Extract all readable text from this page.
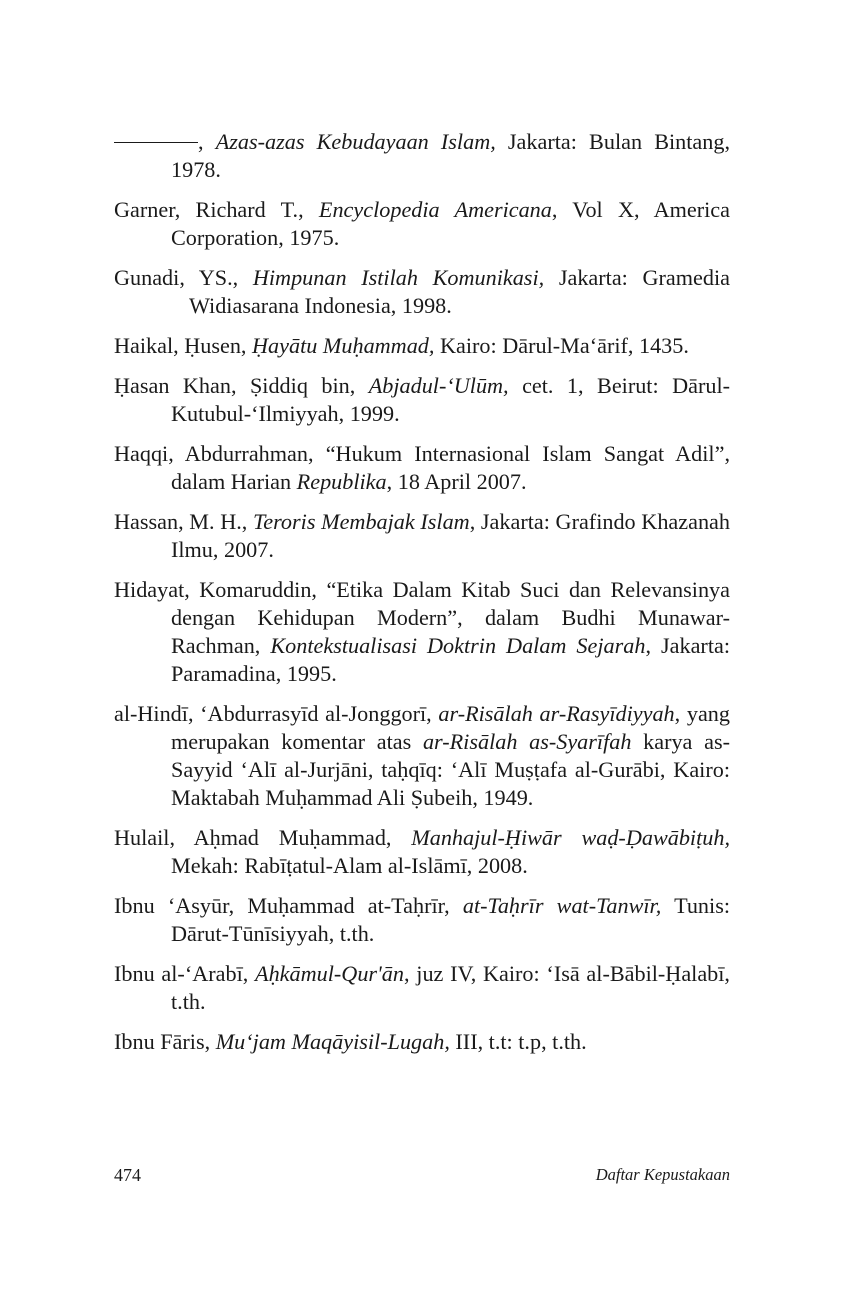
, Azas-azas Kebudayaan Islam, Jakarta: Bulan Bintang, 1978.

Garner, Richard T., Encyclopedia Americana, Vol X, America Corporation, 1975.

Gunadi, YS., Himpunan Istilah Komunikasi, Jakarta: Gramedia Widiasarana Indonesia, 1998.

Haikal, Ḥusen, Ḥayātu Muḥammad, Kairo: Dārul-Ma‘ārif, 1435.

Ḥasan Khan, Ṣiddiq bin, Abjadul-‘Ulūm, cet. 1, Beirut: Dārul-Kutubul-‘Ilmiyyah, 1999.

Haqqi, Abdurrahman, “Hukum Internasional Islam Sangat Adil”, dalam Harian Republika, 18 April 2007.

Hassan, M. H., Teroris Membajak Islam, Jakarta: Grafindo Khazanah Ilmu, 2007.

Hidayat, Komaruddin, “Etika Dalam Kitab Suci dan Relevansinya dengan Kehidupan Modern”, dalam Budhi Munawar-Rachman, Kontekstualisasi Doktrin Dalam Sejarah, Jakarta: Paramadina, 1995.

al-Hindī, ‘Abdurrasyīd al-Jonggorī, ar-Risālah ar-Rasyīdiyyah, yang merupakan komentar atas ar-Risālah as-Syarīfah karya as-Sayyid ‘Alī al-Jurjāni, taḥqīq: ‘Alī Muṣṭafa al-Gurābi, Kairo: Maktabah Muḥammad Ali Ṣubeih, 1949.

Hulail, Aḥmad Muḥammad, Manhajul-Ḥiwār waḍ-Ḍawābiṭuh, Mekah: Rabīṭatul-Alam al-Islāmī, 2008.

Ibnu ‘Asyūr, Muḥammad at-Taḥrīr, at-Taḥrīr wat-Tanwīr, Tunis: Dārut-Tūnīsiyyah, t.th.

Ibnu al-‘Arabī, Aḥkāmul-Qur'ān, juz IV, Kairo: ‘Isā al-Bābil-Ḥalabī, t.th.

Ibnu Fāris, Mu‘jam Maqāyisil-Lugah, III, t.t: t.p, t.th.

474	Daftar Kepustakaan
